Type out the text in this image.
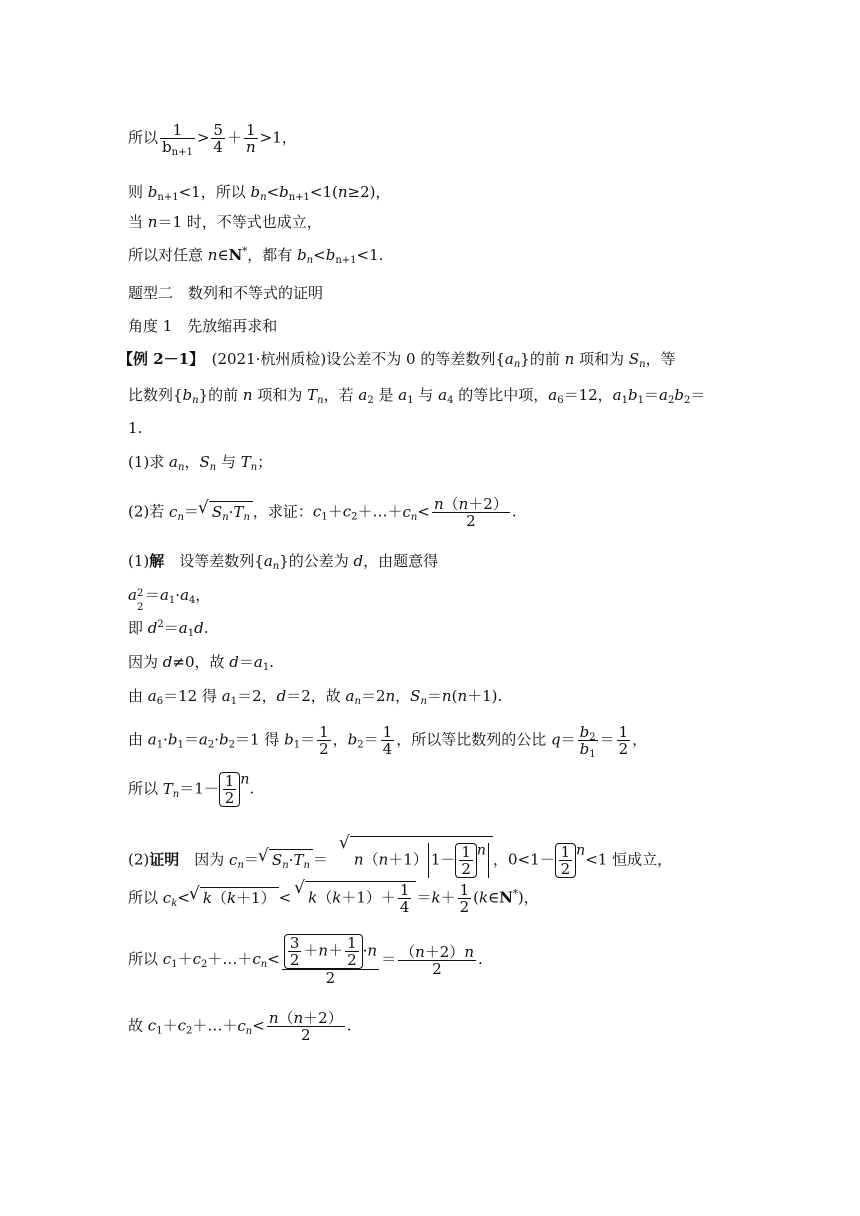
所以 $\frac{1}{b_{n+1}} > \frac{5}{4} + \frac{1}{n} >1$，
则 $b_{n+1}<1$，所以 $b_n<b_{n+1}<1(n\ge 2)$，
当 n＝1 时，不等式也成立，
所以对任意 n∈N*，都有 $b_n<b_{n+1}<1$.
题型二　数列和不等式的证明
角度 1　先放缩再求和
【例 2－1】　(2021·杭州质检)设公差不为 0 的等差数列$\{a_n\}$的前 n 项和为 $S_n$，等
比数列$\{b_n\}$的前 n 项和为 $T_n$，若 $a_2$ 是 $a_1$ 与 $a_4$ 的等比中项，$a_6=12$，$a_1b_1=a_2b_2=$
1.
(1)求 $a_n$，$S_n$ 与 $T_n$；
(2)若 $c_n=√$ $S_n\cdot T_n$ ，求证：$c_1+c_2+\dots+c_n< \frac{n(n+2)}{2}$ .
(1)解　设等差数列$\{a_n\}$的公差为 d，由题意得
a 2
2
$=a_1\cdot a_4$，
即 $d^2=a_1d$.
因为 d≠0，故 $d=a_1$.
由 $a_6=12$ 得 $a_1=2$，d＝2，故 $a_n=2n$，$S_n=n(n+1)$.
由 $a_1\cdot b_1=a_2\cdot b_2=1$ 得 $b_1= \frac{1}{2}$ ，$b_2= \frac{1}{4}$ ，所以等比数列的公比 $q= \frac{b_2}{b_1} = \frac{1}{2}$ ，
所以 $T_n=1- \frac{1}{2} ^n$.
(2)证明　因为 $c_n=√$ $S_n\cdot T_n$ ＝√ n（n＋1） $1- \frac{1}{2} ^n$ ，$0<1- \frac{1}{2} ^n<1$ 恒成立，
所以 $c_k<√$ k（k＋1） <√ $k(k+1)+ \frac{1}{4} =k+ \frac{1}{2}$ (k∈N*)，
所以 $c_1+c_2+\dots+c_n< \frac{\frac{3}{2} +n+ \frac{1}{2} \cdot n}{2} = \frac{(n+2)n}{2}$ .
故 $c_1+c_2+\dots+c_n< \frac{n(n+2)}{2}$ .
